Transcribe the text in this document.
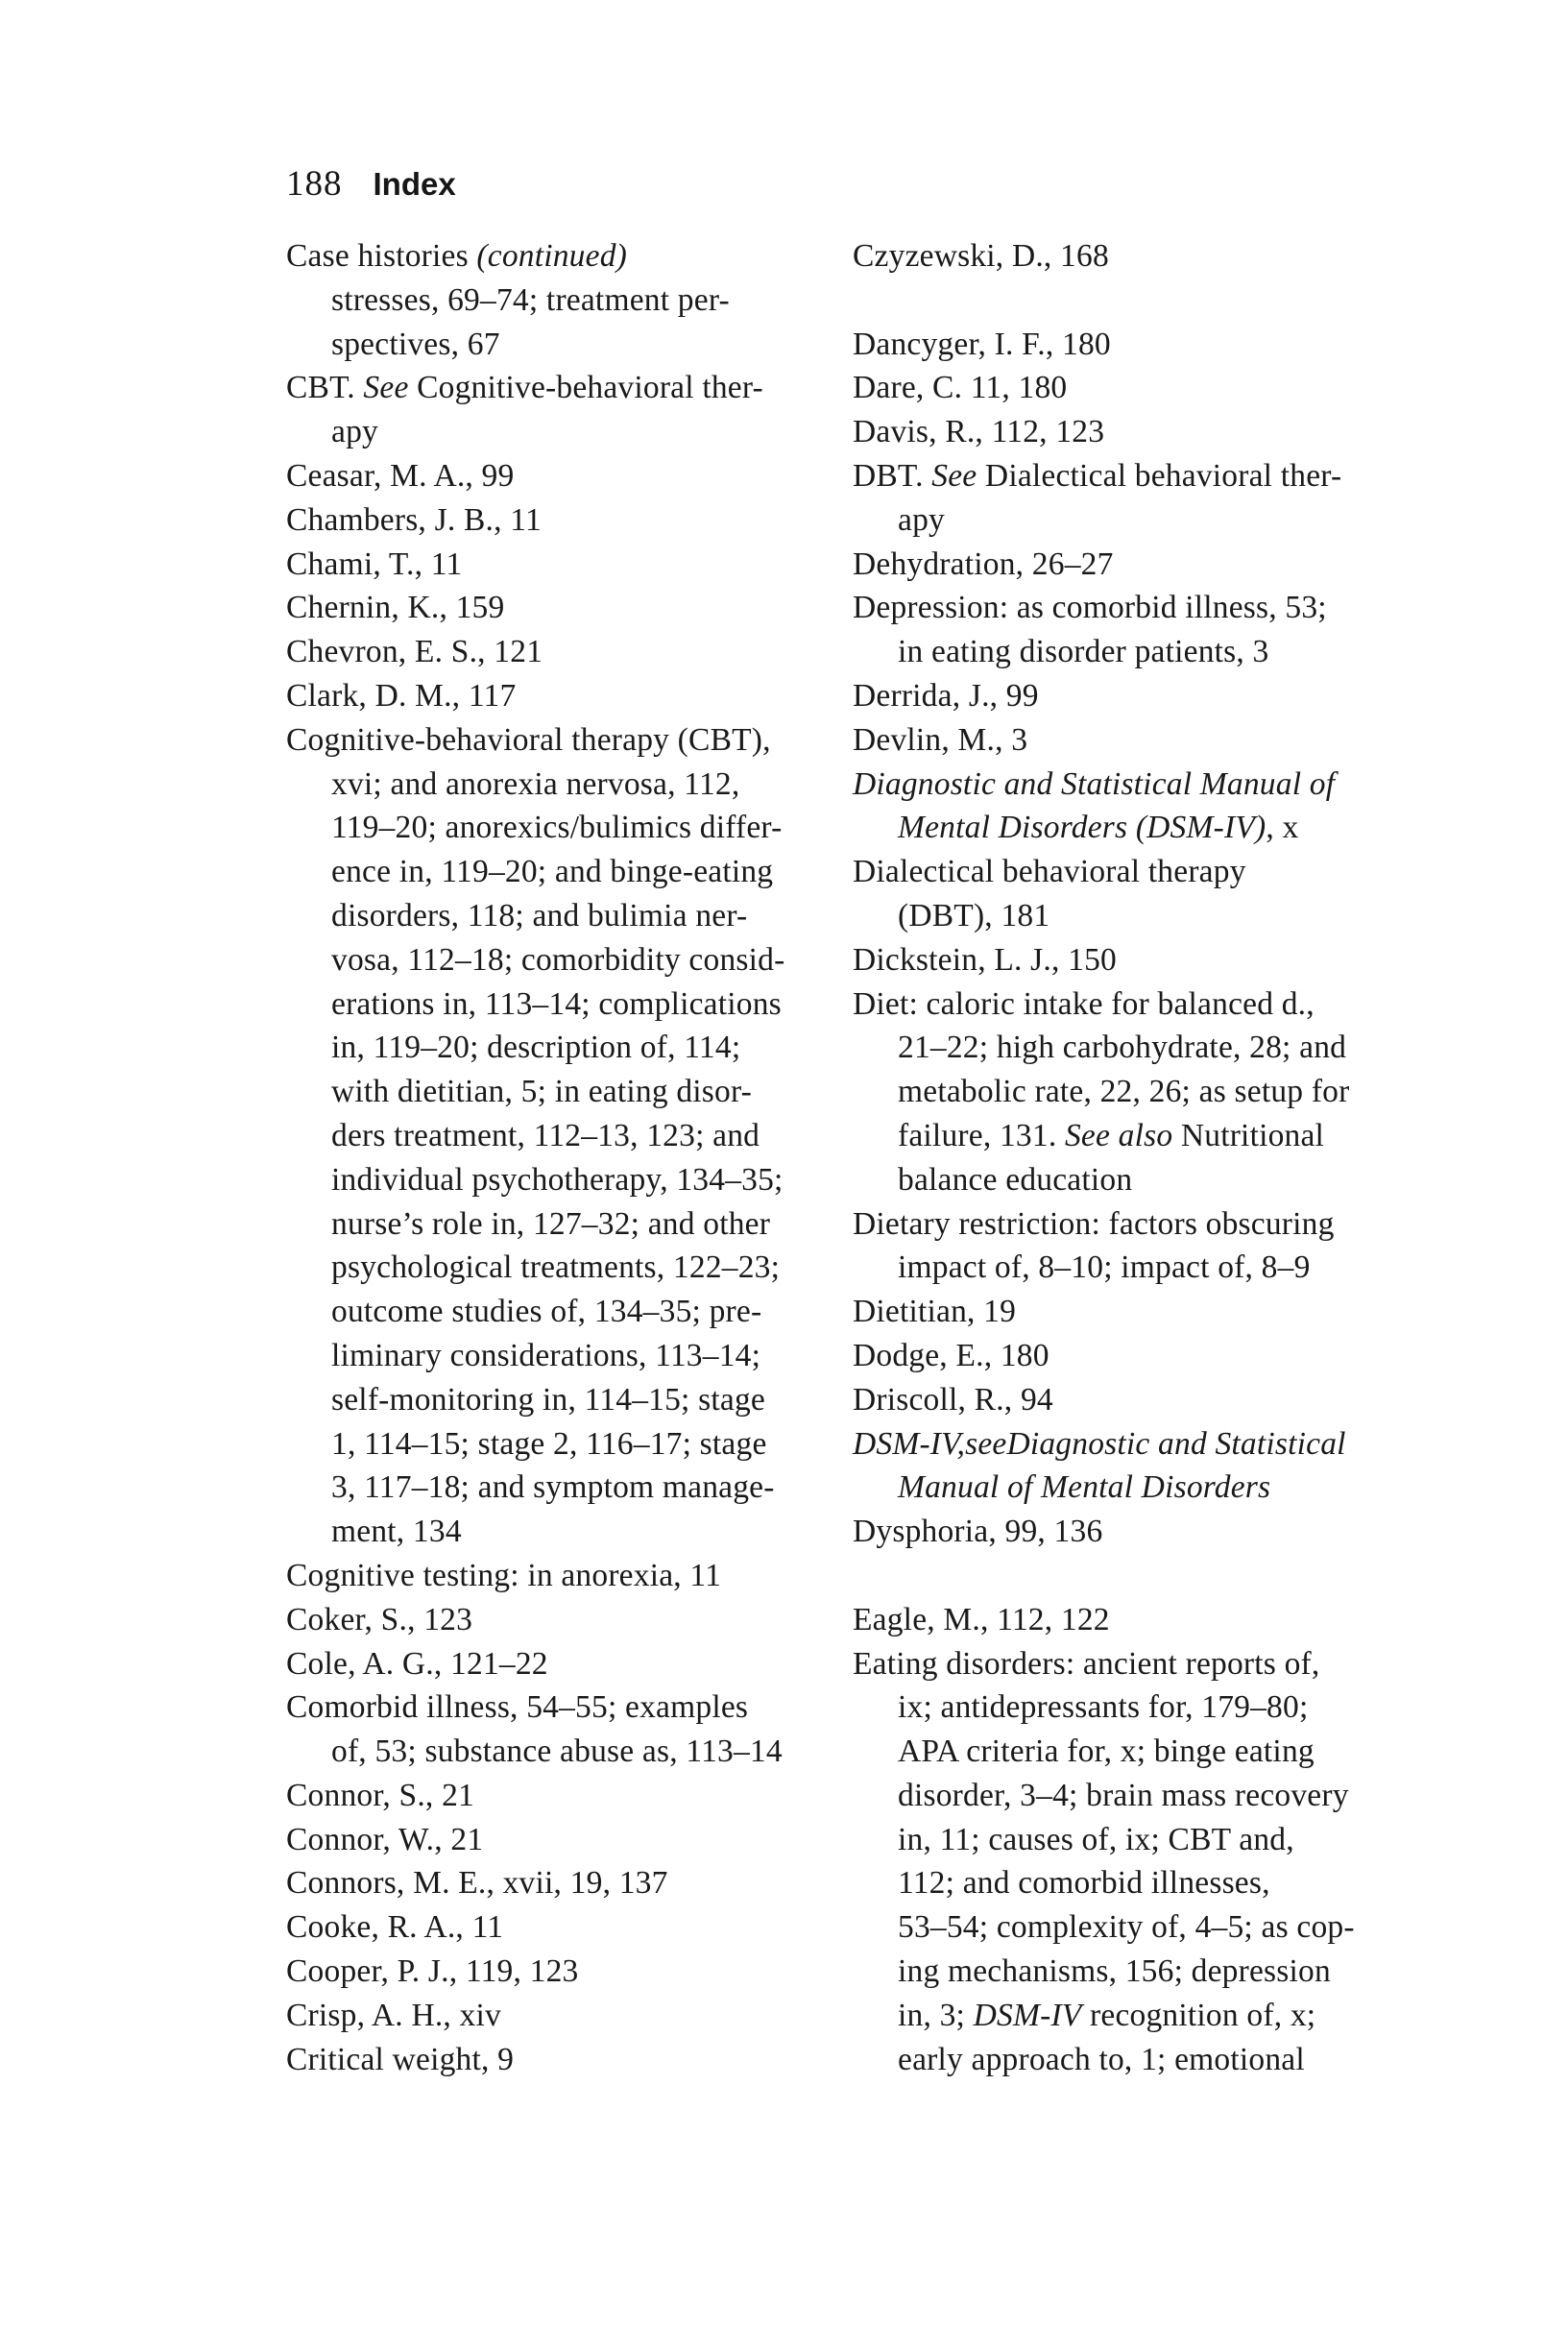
188 Index
Case histories (continued)
stresses, 69–74; treatment per-
spectives, 67
CBT. See Cognitive-behavioral ther-
apy
Ceasar, M. A., 99
Chambers, J. B., 11
Chami, T., 11
Chernin, K., 159
Chevron, E. S., 121
Clark, D. M., 117
Cognitive-behavioral therapy (CBT),
xvi; and anorexia nervosa, 112,
119–20; anorexics/bulimics differ-
ence in, 119–20; and binge-eating
disorders, 118; and bulimia ner-
vosa, 112–18; comorbidity consid-
erations in, 113–14; complications
in, 119–20; description of, 114;
with dietitian, 5; in eating disor-
ders treatment, 112–13, 123; and
individual psychotherapy, 134–35;
nurse’s role in, 127–32; and other
psychological treatments, 122–23;
outcome studies of, 134–35; pre-
liminary considerations, 113–14;
self-monitoring in, 114–15; stage
1, 114–15; stage 2, 116–17; stage
3, 117–18; and symptom manage-
ment, 134
Cognitive testing: in anorexia, 11
Coker, S., 123
Cole, A. G., 121–22
Comorbid illness, 54–55; examples
of, 53; substance abuse as, 113–14
Connor, S., 21
Connor, W., 21
Connors, M. E., xvii, 19, 137
Cooke, R. A., 11
Cooper, P. J., 119, 123
Crisp, A. H., xiv
Critical weight, 9
Czyzewski, D., 168

Dancyger, I. F., 180
Dare, C. 11, 180
Davis, R., 112, 123
DBT. See Dialectical behavioral ther-
apy
Dehydration, 26–27
Depression: as comorbid illness, 53;
in eating disorder patients, 3
Derrida, J., 99
Devlin, M., 3
Diagnostic and Statistical Manual of
Mental Disorders (DSM-IV), x
Dialectical behavioral therapy
(DBT), 181
Dickstein, L. J., 150
Diet: caloric intake for balanced d.,
21–22; high carbohydrate, 28; and
metabolic rate, 22, 26; as setup for
failure, 131. See also Nutritional
balance education
Dietary restriction: factors obscuring
impact of, 8–10; impact of, 8–9
Dietitian, 19
Dodge, E., 180
Driscoll, R., 94
DSM-IV,seeDiagnostic and Statistical
Manual of Mental Disorders
Dysphoria, 99, 136

Eagle, M., 112, 122
Eating disorders: ancient reports of,
ix; antidepressants for, 179–80;
APA criteria for, x; binge eating
disorder, 3–4; brain mass recovery
in, 11; causes of, ix; CBT and,
112; and comorbid illnesses,
53–54; complexity of, 4–5; as cop-
ing mechanisms, 156; depression
in, 3; DSM-IV recognition of, x;
early approach to, 1; emotional
